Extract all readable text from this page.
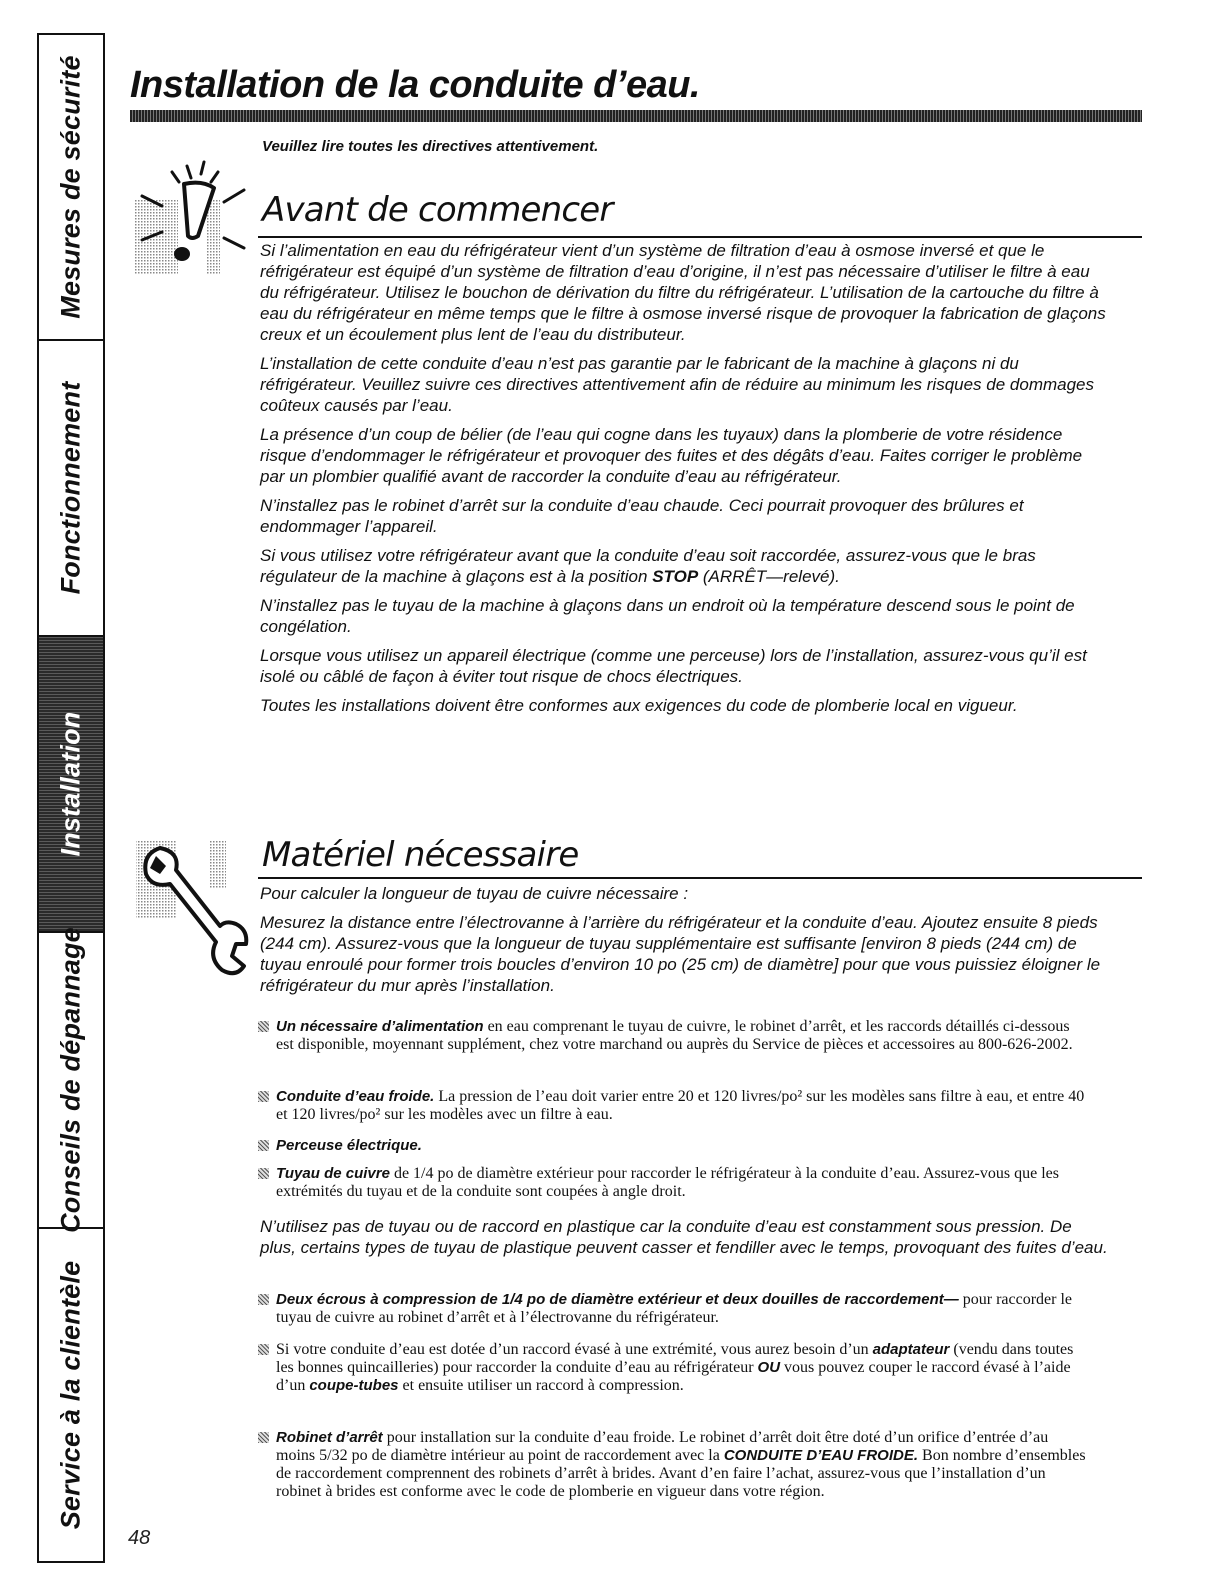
Mesures de sécurité
Fonctionnement
Installation
Conseils de dépannage
Service à la clientèle
Installation de la conduite d’eau.
Veuillez lire toutes les directives attentivement.
Avant de commencer

Si l’alimentation en eau du réfrigérateur vient d’un système de filtration d’eau à osmose inversé et que le réfrigérateur est équipé d’un système de filtration d’eau d’origine, il n’est pas nécessaire d’utiliser le filtre à eau du réfrigérateur. Utilisez le bouchon de dérivation du filtre du réfrigérateur. L’utilisation de la cartouche du filtre à eau du réfrigérateur en même temps que le filtre à osmose inversé risque de provoquer la fabrication de glaçons creux et un écoulement plus lent de l’eau du distributeur.

L’installation de cette conduite d’eau n’est pas garantie par le fabricant de la machine à glaçons ni du réfrigérateur. Veuillez suivre ces directives attentivement afin de réduire au minimum les risques de dommages coûteux causés par l’eau.

La présence d’un coup de bélier (de l’eau qui cogne dans les tuyaux) dans la plomberie de votre résidence risque d’endommager le réfrigérateur et provoquer des fuites et des dégâts d’eau. Faites corriger le problème par un plombier qualifié avant de raccorder la conduite d’eau au réfrigérateur.

N’installez pas le robinet d’arrêt sur la conduite d’eau chaude. Ceci pourrait provoquer des brûlures et endommager l’appareil.

Si vous utilisez votre réfrigérateur avant que la conduite d’eau soit raccordée, assurez-vous que le bras régulateur de la machine à glaçons est à la position STOP (ARRÊT—relevé).

N’installez pas le tuyau de la machine à glaçons dans un endroit où la température descend sous le point de congélation.

Lorsque vous utilisez un appareil électrique (comme une perceuse) lors de l’installation, assurez-vous qu’il est isolé ou câblé de façon à éviter tout risque de chocs électriques.

Toutes les installations doivent être conformes aux exigences du code de plomberie local en vigueur.

Matériel nécessaire

Pour calculer la longueur de tuyau de cuivre nécessaire :

Mesurez la distance entre l’électrovanne à l’arrière du réfrigérateur et la conduite d’eau. Ajoutez ensuite 8 pieds (244 cm). Assurez-vous que la longueur de tuyau supplémentaire est suffisante [environ 8 pieds (244 cm) de tuyau enroulé pour former trois boucles d’environ 10 po (25 cm) de diamètre] pour que vous puissiez éloigner le réfrigérateur du mur après l’installation.

Un nécessaire d’alimentation en eau comprenant le tuyau de cuivre, le robinet d’arrêt, et les raccords détaillés ci-dessous est disponible, moyennant supplément, chez votre marchand ou auprès du Service de pièces et accessoires au 800-626-2002.
Conduite d’eau froide. La pression de l’eau doit varier entre 20 et 120 livres/po² sur les modèles sans filtre à eau, et entre 40 et 120 livres/po² sur les modèles avec un filtre à eau.
Perceuse électrique.
Tuyau de cuivre de 1/4 po de diamètre extérieur pour raccorder le réfrigérateur à la conduite d’eau. Assurez-vous que les extrémités du tuyau et de la conduite sont coupées à angle droit.

N’utilisez pas de tuyau ou de raccord en plastique car la conduite d’eau est constamment sous pression. De plus, certains types de tuyau de plastique peuvent casser et fendiller avec le temps, provoquant des fuites d’eau.

Deux écrous à compression de 1/4 po de diamètre extérieur et deux douilles de raccordement— pour raccorder le tuyau de cuivre au robinet d’arrêt et à l’électrovanne du réfrigérateur.
Si votre conduite d’eau est dotée d’un raccord évasé à une extrémité, vous aurez besoin d’un adaptateur (vendu dans toutes les bonnes quincailleries) pour raccorder la conduite d’eau au réfrigérateur OU vous pouvez couper le raccord évasé à l’aide d’un coupe-tubes et ensuite utiliser un raccord à compression.
Robinet d’arrêt pour installation sur la conduite d’eau froide. Le robinet d’arrêt doit être doté d’un orifice d’entrée d’au moins 5/32 po de diamètre intérieur au point de raccordement avec la CONDUITE D’EAU FROIDE. Bon nombre d’ensembles de raccordement comprennent des robinets d’arrêt à brides. Avant d’en faire l’achat, assurez-vous que l’installation d’un robinet à brides est conforme avec le code de plomberie en vigueur dans votre région.
48
